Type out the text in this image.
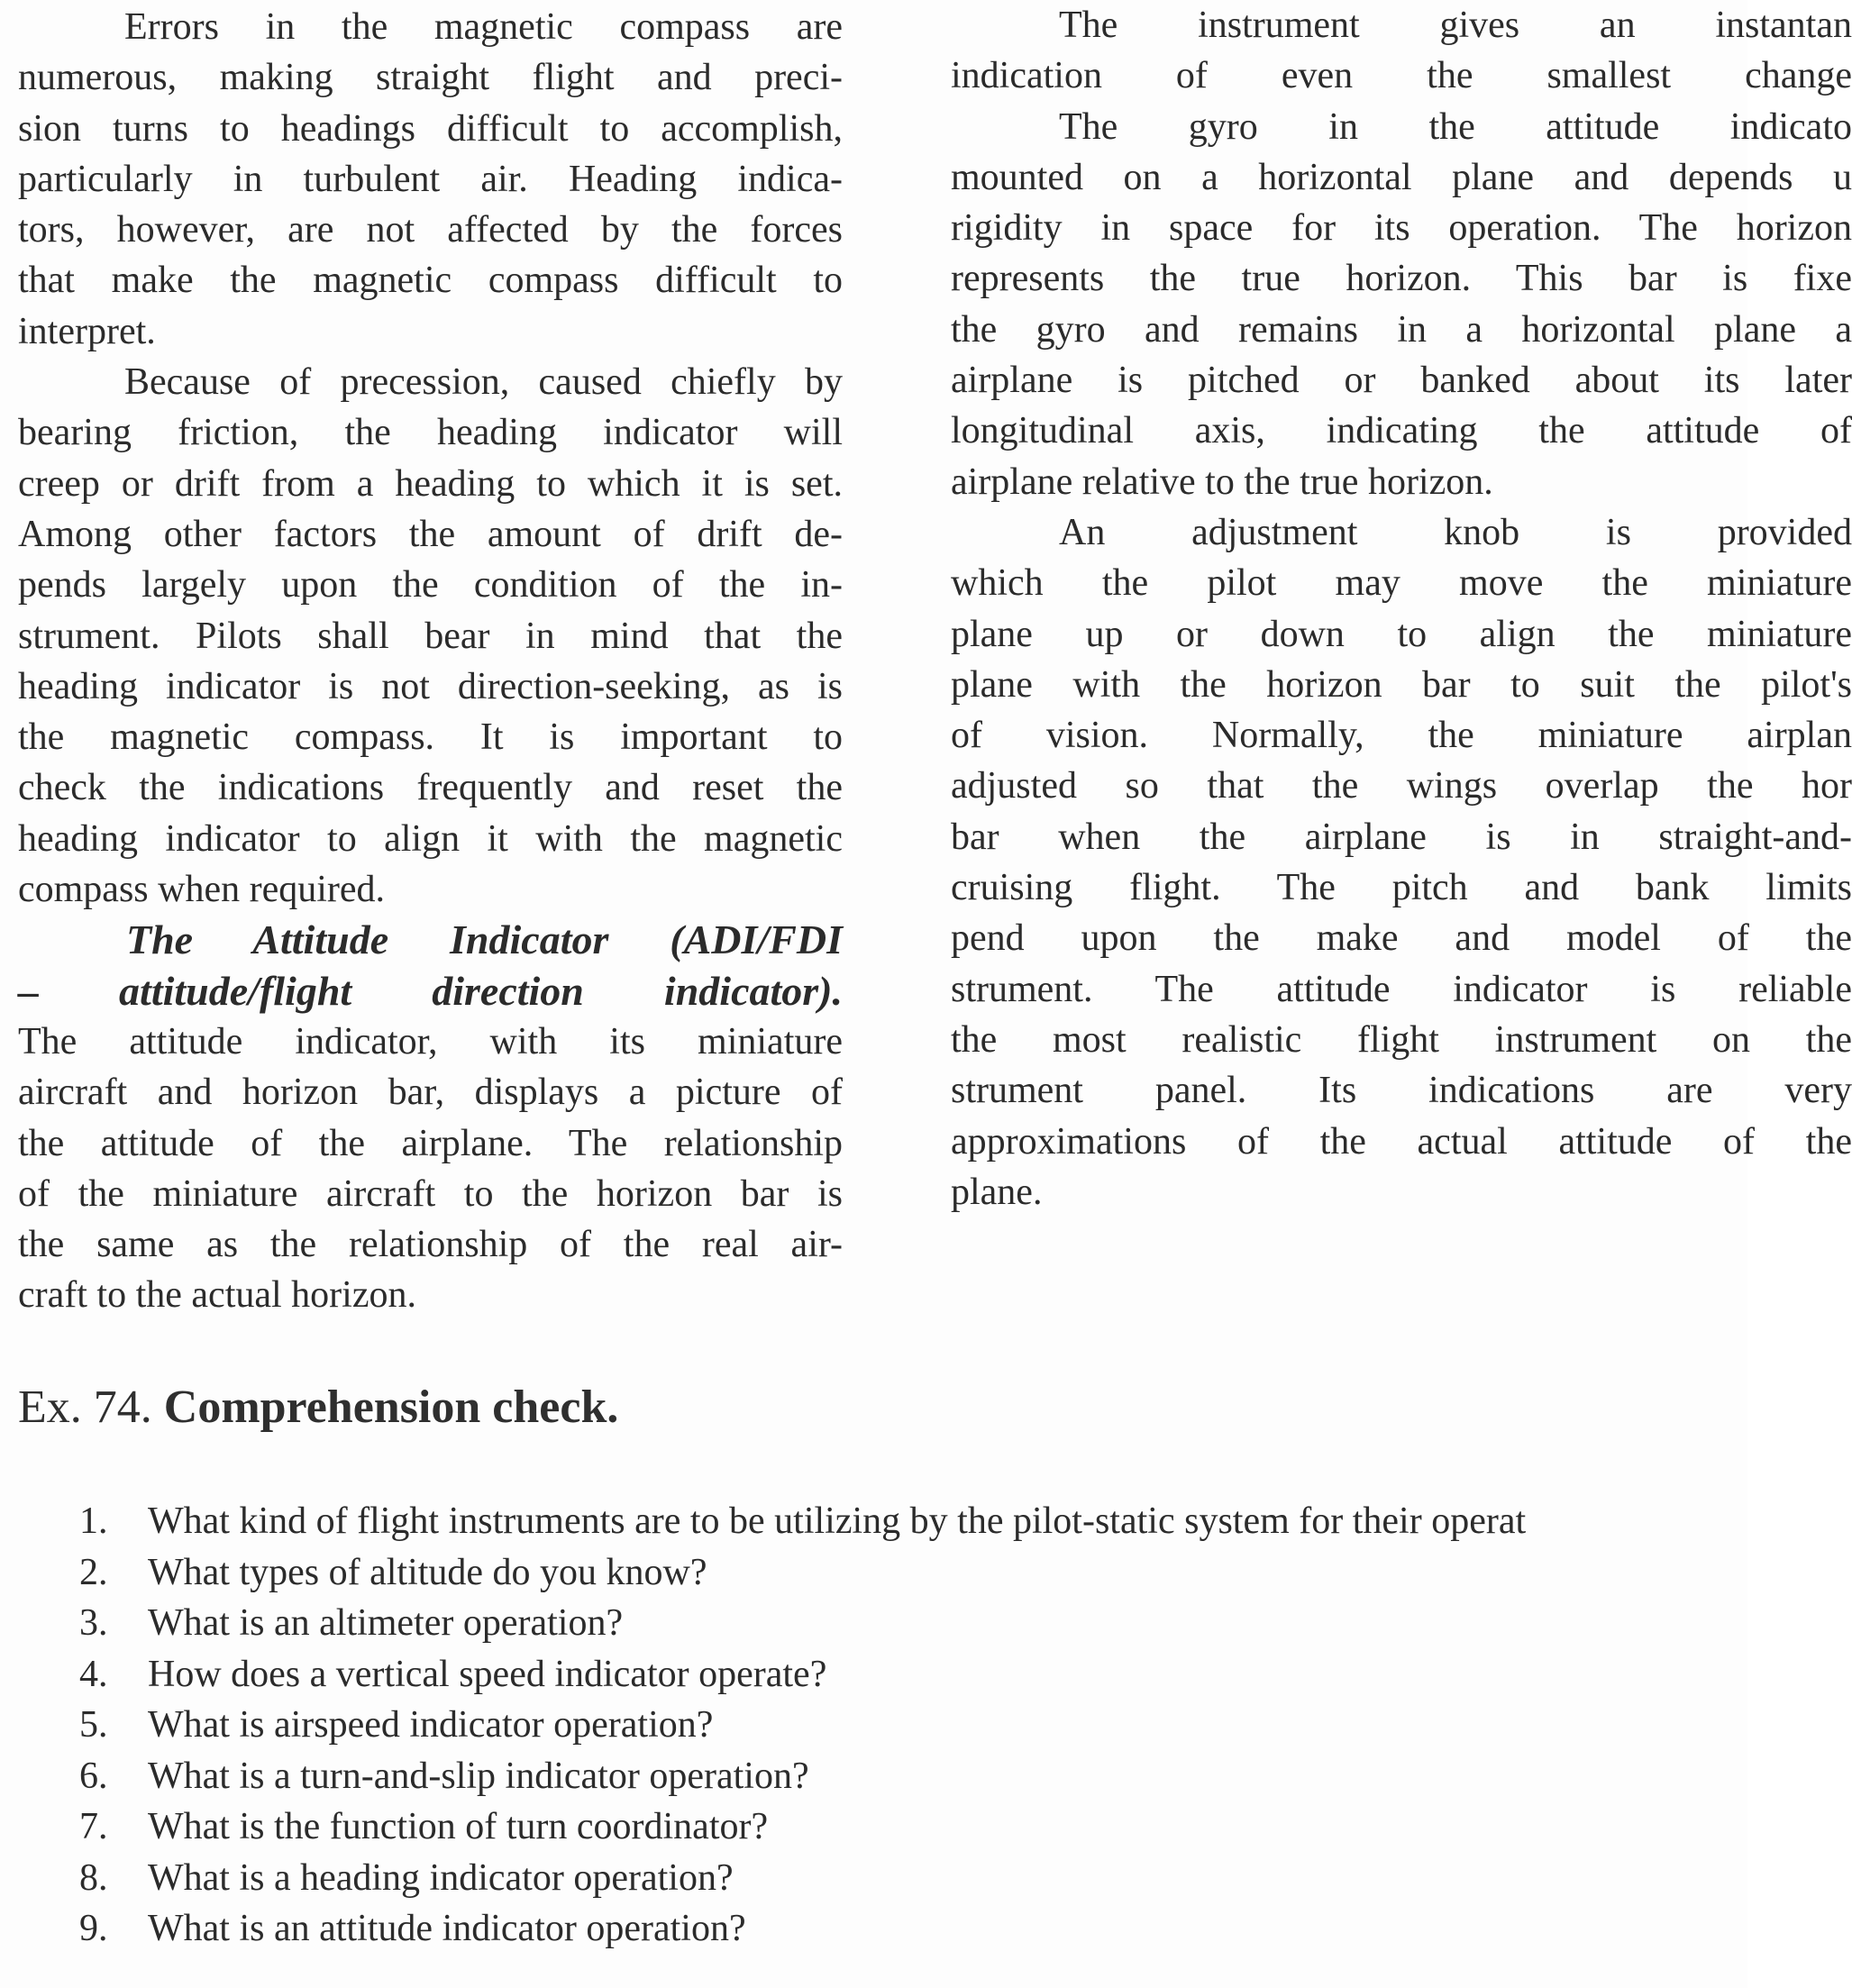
Errors in the magnetic compass are
numerous, making straight flight and preci-
sion turns to headings difficult to accomplish,
particularly in turbulent air. Heading indica-
tors, however, are not affected by the forces
that make the magnetic compass difficult to
interpret.
Because of precession, caused chiefly by
bearing friction, the heading indicator will
creep or drift from a heading to which it is set.
Among other factors the amount of drift de-
pends largely upon the condition of the in-
strument. Pilots shall bear in mind that the
heading indicator is not direction-seeking, as is
the magnetic compass. It is important to
check the indications frequently and reset the
heading indicator to align it with the magnetic
compass when required.
The Attitude Indicator (ADI/FDI
– attitude/flight direction indicator).
The attitude indicator, with its miniature
aircraft and horizon bar, displays a picture of
the attitude of the airplane. The relationship
of the miniature aircraft to the horizon bar is
the same as the relationship of the real air-
craft to the actual horizon.
The instrument gives an instantan
indication of even the smallest change
The gyro in the attitude indicato
mounted on a horizontal plane and depends u
rigidity in space for its operation. The horizon
represents the true horizon. This bar is fixe
the gyro and remains in a horizontal plane a
airplane is pitched or banked about its later
longitudinal axis, indicating the attitude of
airplane relative to the true horizon.
An adjustment knob is provided
which the pilot may move the miniature
plane up or down to align the miniature
plane with the horizon bar to suit the pilot's
of vision. Normally, the miniature airplan
adjusted so that the wings overlap the hor
bar when the airplane is in straight-and-
cruising flight. The pitch and bank limits
pend upon the make and model of the
strument. The attitude indicator is reliable
the most realistic flight instrument on the
strument panel. Its indications are very
approximations of the actual attitude of the
plane.
Ex. 74. Comprehension check.
1. What kind of flight instruments are to be utilizing by the pilot-static system for their operat
2. What types of altitude do you know?
3. What is an altimeter operation?
4. How does a vertical speed indicator operate?
5. What is airspeed indicator operation?
6. What is a turn-and-slip indicator operation?
7. What is the function of turn coordinator?
8. What is a heading indicator operation?
9. What is an attitude indicator operation?
